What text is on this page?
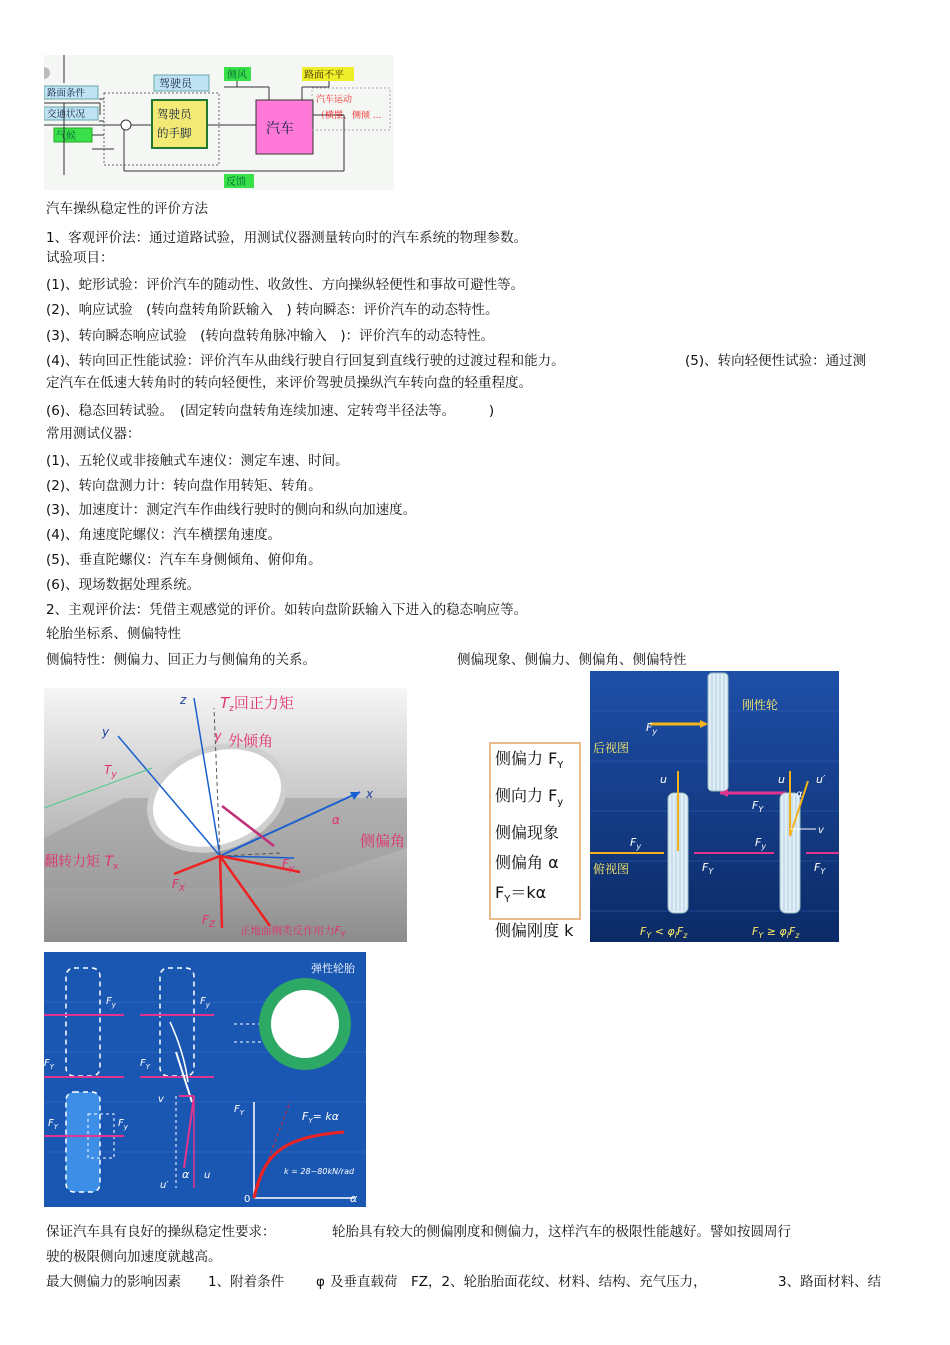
路面条件
交通状况
气候
驾驶员
驾驶员
的手脚
侧风	路面不平
汽车
汽车运动
（横摆、侧倾 ...
反馈
汽车操纵稳定性的评价方法
1、客观评价法：通过道路试验，用测试仪器测量转向时的汽车系统的物理参数。
试验项目：
(1)、蛇形试验：评价汽车的随动性、收敛性、方向操纵轻便性和事故可避性等。
(2)、响应试验　(转向盘转角阶跃输入　) 转向瞬态：评价汽车的动态特性。
(3)、转向瞬态响应试验　(转向盘转角脉冲输入　)：评价汽车的动态特性。
(4)、转向回正性能试验：评价汽车从曲线行驶自行回复到直线行驶的过渡过程和能力。	(5)、转向轻便性试验：通过测
定汽车在低速大转角时的转向轻便性，来评价驾驶员操纵汽车转向盘的轻重程度。
(6)、稳态回转试验。　(固定转向盘转角连续加速、定转弯半径法等。　　　)
常用测试仪器：
(1)、五轮仪或非接触式车速仪：测定车速、时间。
(2)、转向盘测力计：转向盘作用转矩、转角。
(3)、加速度计：测定汽车作曲线行驶时的侧向和纵向加速度。
(4)、角速度陀螺仪：汽车横摆角速度。
(5)、垂直陀螺仪：汽车车身侧倾角、俯仰角。
(6)、现场数据处理系统。
2、主观评价法：凭借主观感觉的评价。如转向盘阶跃输入下进入的稳态响应等。
轮胎坐标系、侧偏特性
侧偏特性：侧偏力、回正力与侧偏角的关系。	侧偏现象、侧偏力、侧偏角、侧偏特性
x
y
z $T_z$回正力矩
γ 外倾角
$T_y$
α
侧偏角
翻转力矩 $T_x$
$F_X$
$F_y$
$F_Z$ 正地面侧类反作用力$F_Y$
侧偏力 $F_Y$
侧向力 $F_y$
侧偏现象
侧偏角 α
$F_Y=k\alpha$
侧偏刚度 k
刚性轮
后视图
俯视图
$F_y$
u	u	u′
v
α
$F_y$	$F_y$
$F_Y$
$F_Y$	$F_Y$
$F_Y < \varphi_lF_z$	$F_Y \ge \varphi_lF_z$
弹性轮胎
$F_y$	$F_y$
$F_Y$	$F_Y$
$F_Y$	$F_y$
v
α u
u′
$F_Y$	$F_Y= k\alpha$
k = 28~80kN/rad
0	α
保证汽车具有良好的操纵稳定性要求：	轮胎具有较大的侧偏刚度和侧偏力，这样汽车的极限性能越好。譬如按圆周行
驶的极限侧向加速度就越高。
最大侧偏力的影响因素　　1、附着条件 φ 及垂直载荷　FZ，2、轮胎胎面花纹、材料、结构、充气压力，	3、路面材料、结
